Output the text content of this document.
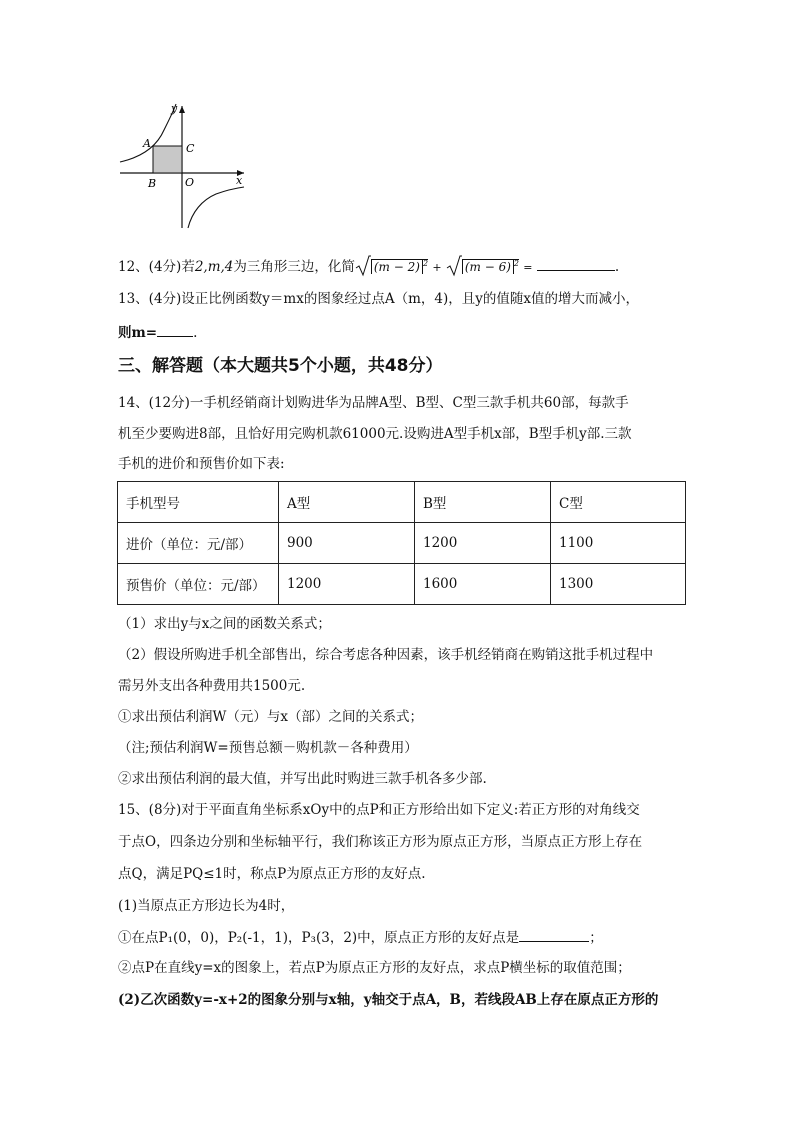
y
x
A
B
C
O
12、(4分)若2,m,4为三角形三边，化简 (m − 2) $^2$ + (m − 6) $^2$ =	.
13、(4分)设正比例函数y＝mx的图象经过点A（m，4)，且y的值随x值的增大而减小，
则m=	.
三、解答题（本大题共5个小题，共48分）
14、(12分)一手机经销商计划购进华为品牌A型、B型、C型三款手机共60部，每款手
机至少要购进8部，且恰好用完购机款61000元.设购进A型手机x部，B型手机y部.三款
手机的进价和预售价如下表:
手机型号	A型	B型	C型
进价（单位：元/部）	900	1200	1100
预售价（单位：元/部）	1200	1600	1300
（1）求出y与x之间的函数关系式；
（2）假设所购进手机全部售出，综合考虑各种因素，该手机经销商在购销这批手机过程中
需另外支出各种费用共1500元.
①求出预估利润W（元）与x（部）之间的关系式；
（注;预估利润W=预售总额－购机款－各种费用）
②求出预估利润的最大值，并写出此时购进三款手机各多少部.
15、(8分)对于平面直角坐标系xOy中的点P和正方形给出如下定义:若正方形的对角线交
于点O，四条边分别和坐标轴平行，我们称该正方形为原点正方形，当原点正方形上存在
点Q，满足PQ≤1时，称点P为原点正方形的友好点.
(1)当原点正方形边长为4时，
①在点P₁(0，0)，P₂(-1，1)，P₃(3，2)中，原点正方形的友好点是	；
②点P在直线y=x的图象上，若点P为原点正方形的友好点，求点P横坐标的取值范围；
(2)乙次函数y=-x+2的图象分别与x轴，y轴交于点A，B，若线段AB上存在原点正方形的
